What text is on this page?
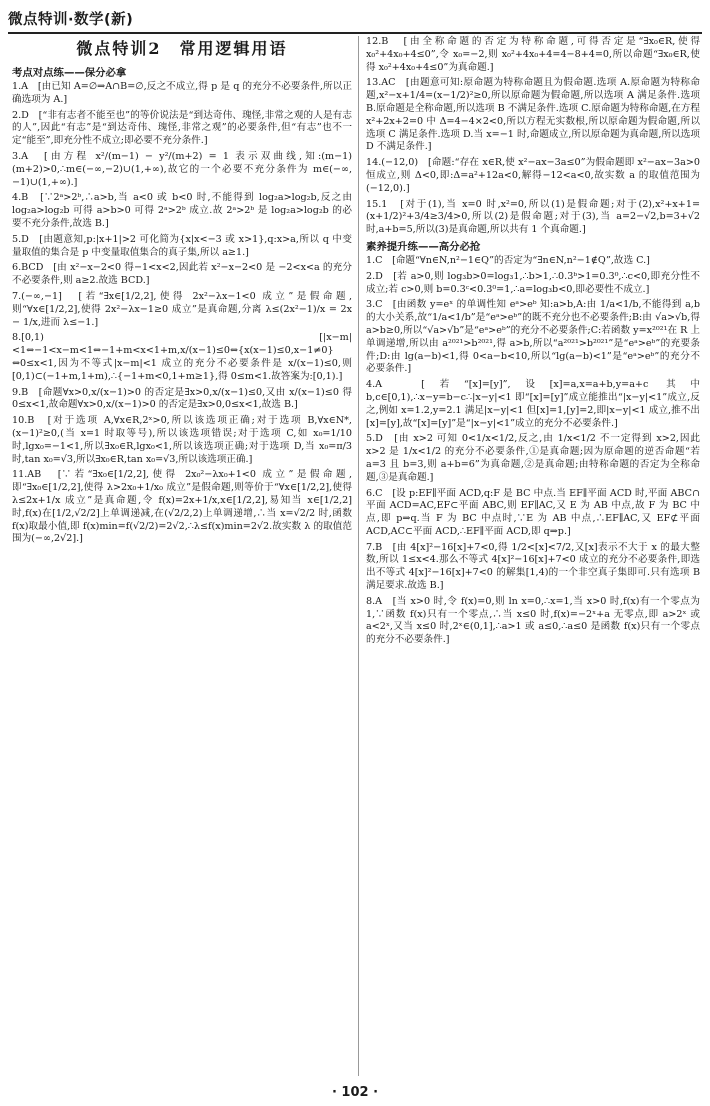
微点特训·数学(新)
微点特训2　常用逻辑用语
考点对点练——保分必拿
1.A　[由已知 A=∅⇒A∩B=∅,反之不成立,得 p 是 q 的充分不必要条件,所以正确选项为 A.]
2.D　[“非有志者不能至也”的等价说法是“到达奇伟、瑰怪,非常之观的人是有志的人”,因此“有志”是“到达奇伟、瑰怪,非常之观”的必要条件,但“有志”也不一定“能至”,即充分性不成立;即必要不充分条件.]
3.A　[由方程 x²/(m−1) − y²/(m+2) = 1 表示双曲线,知:(m−1)(m+2)>0,∴m∈(−∞,−2)∪(1,+∞),故它的一个必要不充分条件为 m∈(−∞,−1)∪(1,+∞).]
4.B　[∵2ᵃ>2ᵇ,∴a>b,当 a<0 或 b<0 时,不能得到 log₂a>log₂b,反之由 log₂a>log₂b 可得 a>b>0 可得 2ᵃ>2ᵇ 成立.故 2ᵃ>2ᵇ 是 log₂a>log₂b 的必要不充分条件,故选 B.]
5.D　[由题意知,p:|x+1|>2 可化简为{x|x<−3 或 x>1},q:x>a,所以 q 中变量取值的集合是 p 中变量取值集合的真子集,所以 a≥1.]
6.BCD　[由 x²−x−2<0 得−1<x<2,因此若 x²−x−2<0 是 −2<x<a 的充分不必要条件,则 a≥2.故选 BCD.]
7.(−∞,−1]　[若“∃x∈[1/2,2],使得 2x²−λx−1<0 成立”是假命题,则“∀x∈[1/2,2],使得 2x²−λx−1≥0 成立”是真命题,分离 λ≤(2x²−1)/x = 2x − 1/x,进而 λ≤−1.]
8.[0,1)　[|x−m|<1⇔−1<x−m<1⇔−1+m<x<1+m,x/(x−1)≤0⇔{x(x−1)≤0,x−1≠0}⇔0≤x<1,因为不等式|x−m|<1 成立的充分不必要条件是 x/(x−1)≤0,则[0,1)⊂(−1+m,1+m),∴{−1+m<0,1+m≥1},得 0≤m<1.故答案为:[0,1).]
9.B　[命题∀x>0,x/(x−1)>0 的否定是∃x>0,x/(x−1)≤0,又由 x/(x−1)≤0 得 0≤x<1,故命题∀x>0,x/(x−1)>0 的否定是∃x>0,0≤x<1,故选 B.]
10.B　[对于选项 A,∀x∈R,2ˣ>0,所以该选项正确;对于选项 B,∀x∈N*,(x−1)²≥0,(当 x=1 时取等号),所以该选项错误;对于选项 C,如 x₀=1/10 时,lgx₀=−1<1,所以∃x₀∈R,lgx₀<1,所以该选项正确;对于选项 D,当 x₀=π/3 时,tan x₀=√3,所以∃x₀∈R,tan x₀=√3,所以该选项正确.]
11.AB　[∵若“∃x₀∈[1/2,2],使得 2x₀²−λx₀+1<0 成立”是假命题,即“∃x₀∈[1/2,2],使得 λ>2x₀+1/x₀ 成立”是假命题,则等价于“∀x∈[1/2,2],使得 λ≤2x+1/x 成立”是真命题,令 f(x)=2x+1/x,x∈[1/2,2],易知当 x∈[1/2,2]时,f(x)在[1/2,√2/2]上单调递减,在(√2/2,2)上单调递增,∴当 x=√2/2 时,函数 f(x)取最小值,即 f(x)min=f(√2/2)=2√2,∴λ≤f(x)min=2√2.故实数 λ 的取值范围为(−∞,2√2].]
12.B　[由全称命题的否定为特称命题,可得否定是“∃x₀∈R,使得 x₀²+4x₀+4≤0”,令 x₀=−2,则 x₀²+4x₀+4=4−8+4=0,所以命题“∃x₀∈R,使得 x₀²+4x₀+4≤0”为真命题.]
13.AC　[由题意可知:原命题为特称命题且为假命题.选项 A.原命题为特称命题,x²−x+1/4=(x−1/2)²≥0,所以原命题为假命题,所以选项 A 满足条件.选项 B.原命题是全称命题,所以选项 B 不满足条件.选项 C.原命题为特称命题,在方程 x²+2x+2=0 中 Δ=4−4×2<0,所以方程无实数根,所以原命题为假命题,所以选项 C 满足条件.选项 D.当 x=−1 时,命题成立,所以原命题为真命题,所以选项 D 不满足条件.]
14.(−12,0)　[命题:“存在 x∈R,使 x²−ax−3a≤0”为假命题即 x²−ax−3a>0 恒成立,则 Δ<0,即:Δ=a²+12a<0,解得−12<a<0,故实数 a 的取值范围为(−12,0).]
15.1　[对于(1),当 x=0 时,x²=0,所以(1)是假命题;对于(2),x²+x+1=(x+1/2)²+3/4≥3/4>0,所以(2)是假命题;对于(3),当 a=2−√2,b=3+√2 时,a+b=5,所以(3)是真命题,所以共有 1 个真命题.]
素养提升练——高分必抢
1.C　[命题“∀n∈N,n²−1∈Q”的否定为“∃n∈N,n²−1∉Q”,故选 C.]
2.D　[若 a>0,则 log₃b>0=log₃1,∴b>1,∴0.3ᵇ>1=0.3⁰,∴c<0,即充分性不成立;若 c>0,则 b=0.3ᶜ<0.3⁰=1,∴a=log₃b<0,即必要性不成立.]
3.C　[由函数 y=eˣ 的单调性知 eᵃ>eᵇ 知:a>b,A:由 1/a<1/b,不能得到 a,b 的大小关系,故“1/a<1/b”是“eᵃ>eᵇ”的既不充分也不必要条件;B:由 √a>√b,得 a>b≥0,所以“√a>√b”是“eᵃ>eᵇ”的充分不必要条件;C:若函数 y=x²⁰²¹在 R 上单调递增,所以由 a²⁰²¹>b²⁰²¹,得 a>b,所以“a²⁰²¹>b²⁰²¹”是“eᵃ>eᵇ”的充要条件;D:由 lg(a−b)<1,得 0<a−b<10,所以“lg(a−b)<1”是“eᵃ>eᵇ”的充分不必要条件.]
4.A　[若“[x]=[y]”,设[x]=a,x=a+b,y=a+c 其中 b,c∈[0,1),∴x−y=b−c∴|x−y|<1 即“[x]=[y]”成立能推出“|x−y|<1”成立,反之,例如 x=1.2,y=2.1 满足|x−y|<1 但[x]=1,[y]=2,即|x−y|<1 成立,推不出[x]=[y],故“[x]=[y]”是“|x−y|<1”成立的充分不必要条件.]
5.D　[由 x>2 可知 0<1/x<1/2,反之,由 1/x<1/2 不一定得到 x>2,因此 x>2 是 1/x<1/2 的充分不必要条件,①是真命题;因为原命题的逆否命题“若 a=3 且 b=3,则 a+b=6”为真命题,②是真命题;由特称命题的否定为全称命题,③是真命题.]
6.C　[设 p:EF∥平面 ACD,q:F 是 BC 中点.当 EF∥平面 ACD 时,平面 ABC∩平面 ACD=AC,EF⊂平面 ABC,则 EF∥AC,又 E 为 AB 中点,故 F 为 BC 中点,即 p⇒q.当 F 为 BC 中点时,∵E 为 AB 中点,∴EF∥AC,又 EF⊄平面 ACD,AC⊂平面 ACD,∴EF∥平面 ACD,即 q⇒p.]
7.B　[由 4[x]²−16[x]+7<0,得 1/2<[x]<7/2,又[x]表示不大于 x 的最大整数,所以 1≤x<4.那么不等式 4[x]²−16[x]+7<0 成立的充分不必要条件,即选出不等式 4[x]²−16[x]+7<0 的解集[1,4)的一个非空真子集即可.只有选项 B 满足要求.故选 B.]
8.A　[当 x>0 时,令 f(x)=0,则 ln x=0,∴x=1,当 x>0 时,f(x)有一个零点为 1,∵函数 f(x)只有一个零点,∴当 x≤0 时,f(x)=−2ˣ+a 无零点,即 a>2ˣ 或 a<2ˣ,又当 x≤0 时,2ˣ∈(0,1],∴a>1 或 a≤0,∴a≤0 是函数 f(x)只有一个零点的充分不必要条件.]
· 102 ·
